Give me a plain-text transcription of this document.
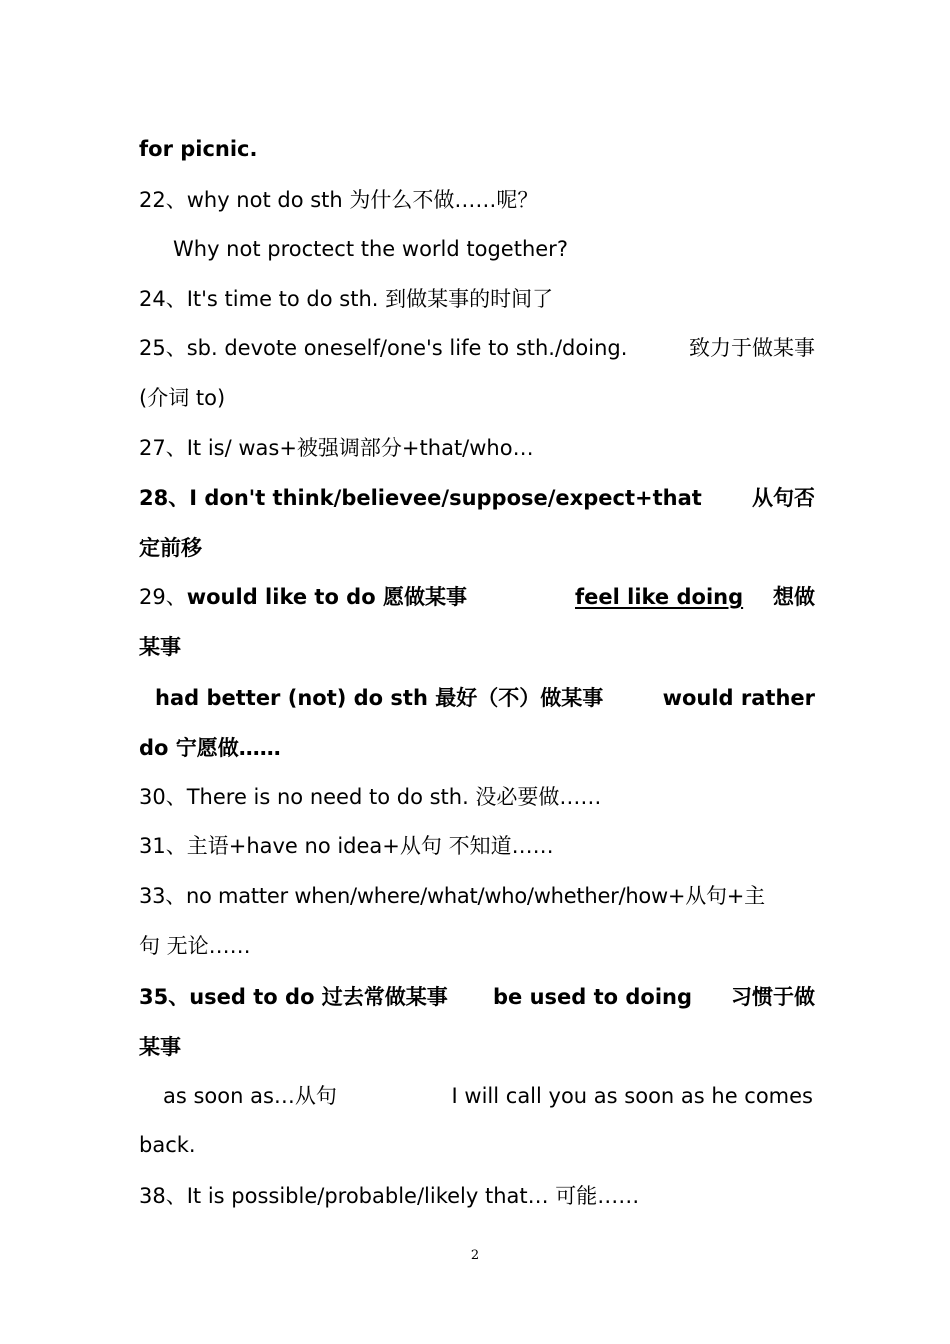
for picnic.
22、why not do sth 为什么不做……呢？
Why not proctect the world together?
24、It's time to do sth. 到做某事的时间了
25、sb. devote oneself/one's life to sth./doing.	致力于做某事
(介词 to)
27、It is/ was+被强调部分+that/who…
28、I don't think/believee/suppose/expect+that 从句否
定前移
29、would like to do 愿做某事	feel like doing 想做
某事
had better (not) do sth 最好（不）做某事	would rather
do 宁愿做……
30、There is no need to do sth. 没必要做……
31、主语+have no idea+从句 不知道……
33、no matter when/where/what/who/whether/how+从句+主
句 无论……
35、used to do 过去常做某事 be used to doing 习惯于做
某事
as soon as…从句	I will call you as soon as he comes
back.
38、It is possible/probable/likely that… 可能……
2
